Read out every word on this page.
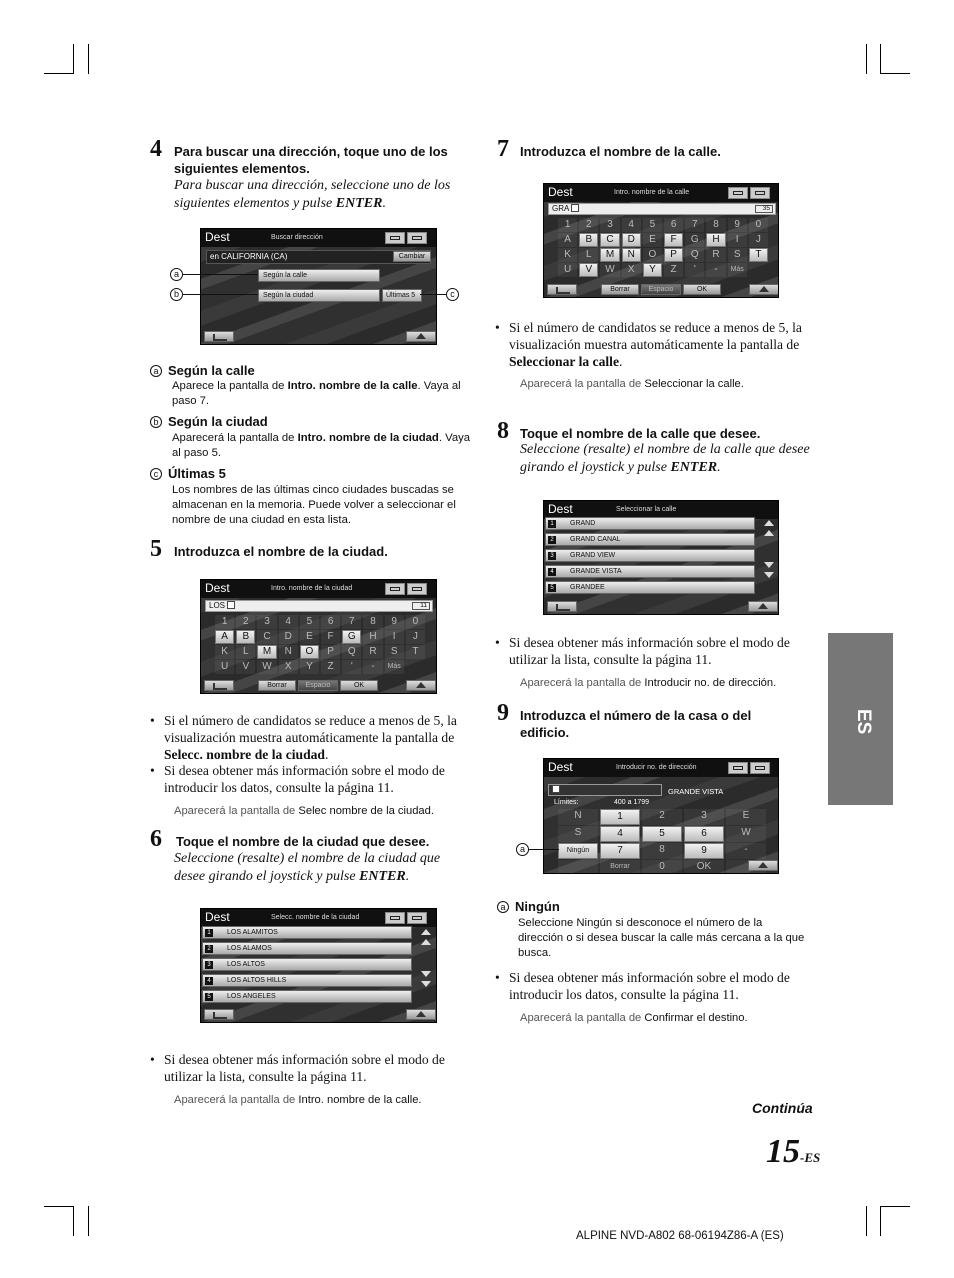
4 Para buscar una dirección, toque uno de los siguientes elementos.
Para buscar una dirección, seleccione uno de los siguientes elementos y pulse ENTER.
Dest	Buscar dirección
en CALIFORNIA (CA)	Cambiar
Según la calle
Según la ciudad	Últimas 5
a
b	c
a Según la calle
Aparece la pantalla de Intro. nombre de la calle. Vaya al paso 7.
b Según la ciudad
Aparecerá la pantalla de Intro. nombre de la ciudad. Vaya al paso 5.
c Últimas 5
Los nombres de las últimas cinco ciudades buscadas se almacenan en la memoria. Puede volver a seleccionar el nombre de una ciudad en esta lista.
5 Introduzca el nombre de la ciudad.
Dest	Intro. nombre de la ciudad
LOS	11
1	2	3	4	5	6	7	8	9	0
A	B	C	D	E	F	G	H	I	J
K	L	M	N	O	P	Q	R	S	T
U	V	W	X	Y	Z	'	-	Más
Borrar	Espacio	OK
• Si el número de candidatos se reduce a menos de 5, la visualización muestra automáticamente la pantalla de Selecc. nombre de la ciudad.
• Si desea obtener más información sobre el modo de introducir los datos, consulte la página 11.
Aparecerá la pantalla de Selec nombre de la ciudad.
6 Toque el nombre de la ciudad que desee.
Seleccione (resalte) el nombre de la ciudad que desee girando el joystick y pulse ENTER.
Dest	Selecc. nombre de la ciudad
1	LOS ALAMITOS
2	LOS ALAMOS
3	LOS ALTOS
4	LOS ALTOS HILLS
5	LOS ANGELES
• Si desea obtener más información sobre el modo de utilizar la lista, consulte la página 11.
Aparecerá la pantalla de Intro. nombre de la calle.
7 Introduzca el nombre de la calle.
Dest	Intro. nombre de la calle
GRA	35
1	2	3	4	5	6	7	8	9	0
A	B	C	D	E	F	G	H	I	J
K	L	M	N	O	P	Q	R	S	T
U	V	W	X	Y	Z	'	-	Más
Borrar	Espacio	OK
• Si el número de candidatos se reduce a menos de 5, la visualización muestra automáticamente la pantalla de Seleccionar la calle.
Aparecerá la pantalla de Seleccionar la calle.
8 Toque el nombre de la calle que desee.
Seleccione (resalte) el nombre de la calle que desee girando el joystick y pulse ENTER.
Dest	Seleccionar la calle
1	GRAND
2	GRAND CANAL
3	GRAND VIEW
4	GRANDE VISTA
5	GRANDEE
• Si desea obtener más información sobre el modo de utilizar la lista, consulte la página 11.
Aparecerá la pantalla de Introducir no. de dirección.
9 Introduzca el número de la casa o del edificio.
Dest	Introducir no. de dirección
GRANDE VISTA
Límites:	400 a 1799
N	1	2	3	E
S	4	5	6	W
Ningún	7	8	9	-
Borrar	0	OK
a
a Ningún
Seleccione Ningún si desconoce el número de la dirección o si desea buscar la calle más cercana a la que busca.
• Si desea obtener más información sobre el modo de introducir los datos, consulte la página 11.
Aparecerá la pantalla de Confirmar el destino.
ES
Continúa
15-ES
ALPINE NVD-A802 68-06194Z86-A (ES)
